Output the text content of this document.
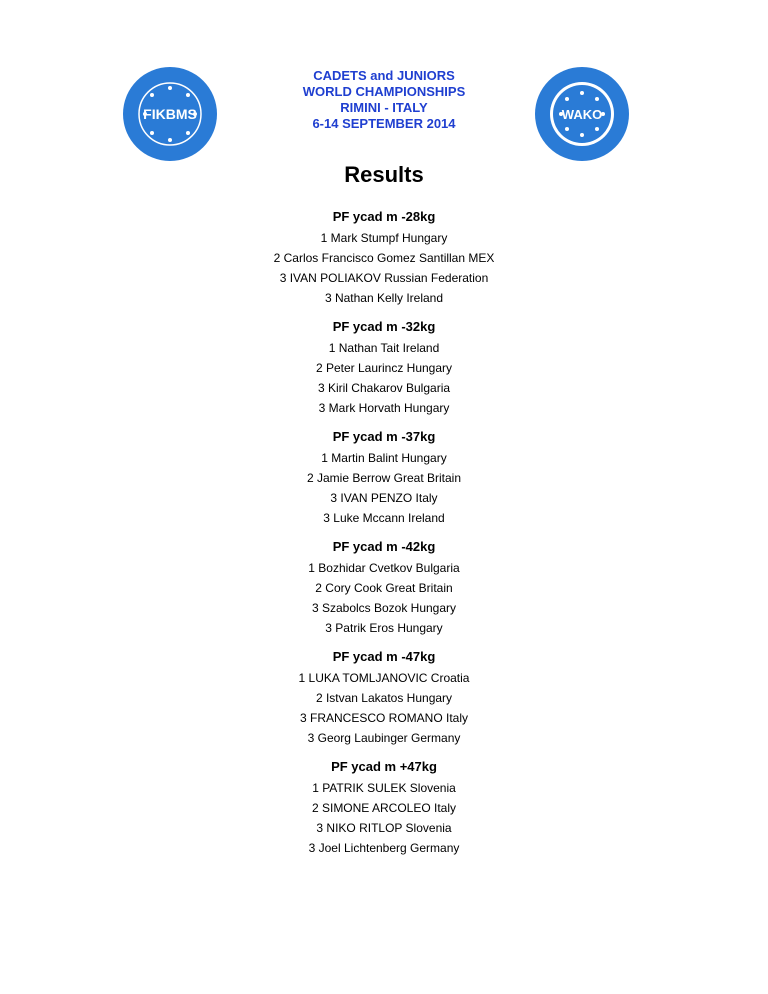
FIKBMS	WAKO
CADETS and JUNIORS
WORLD CHAMPIONSHIPS
RIMINI - ITALY
6-14 SEPTEMBER 2014
Results
PF ycad m -28kg
1 Mark Stumpf Hungary
2 Carlos Francisco Gomez Santillan MEX
3 IVAN POLIAKOV Russian Federation
3 Nathan Kelly Ireland
PF ycad m -32kg
1 Nathan Tait Ireland
2 Peter Laurincz Hungary
3 Kiril Chakarov Bulgaria
3 Mark Horvath Hungary
PF ycad m -37kg
1 Martin Balint Hungary
2 Jamie Berrow Great Britain
3 IVAN PENZO Italy
3 Luke Mccann Ireland
PF ycad m -42kg
1 Bozhidar Cvetkov Bulgaria
2 Cory Cook Great Britain
3 Szabolcs Bozok Hungary
3 Patrik Eros Hungary
PF ycad m -47kg
1 LUKA TOMLJANOVIC Croatia
2 Istvan Lakatos Hungary
3 FRANCESCO ROMANO Italy
3 Georg Laubinger Germany
PF ycad m +47kg
1 PATRIK SULEK Slovenia
2 SIMONE ARCOLEO Italy
3 NIKO RITLOP Slovenia
3 Joel Lichtenberg Germany
